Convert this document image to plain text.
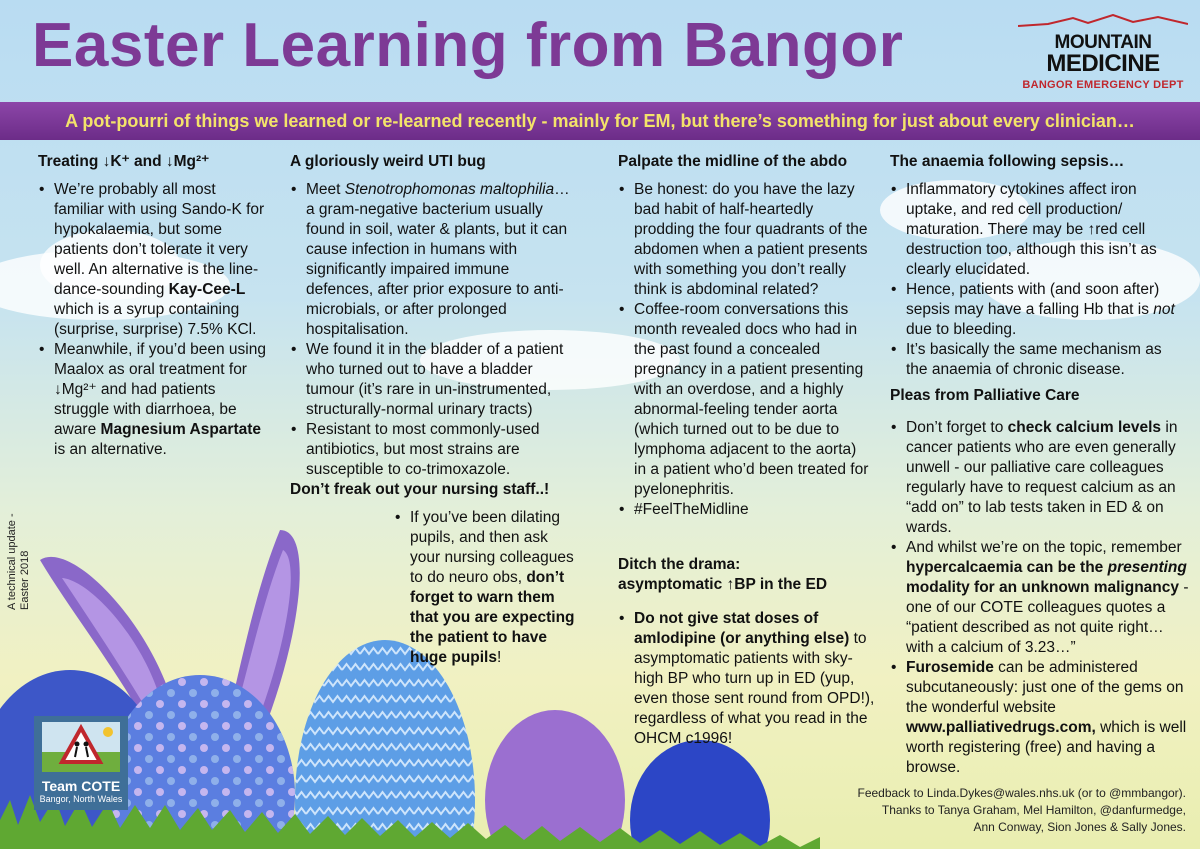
Easter Learning from Bangor	MOUNTAIN
MEDICINE
BANGOR EMERGENCY DEPT
A pot-pourri of things we learned or re-learned recently - mainly for EM, but there’s something for just about every clinician…
Treating ↓K⁺ and ↓Mg²⁺
• We’re probably all most familiar with using Sando-K for hypokalaemia, but some patients don’t tolerate it very well. An alternative is the line-dance-sounding Kay-Cee-L which is a syrup containing (surprise, surprise) 7.5% KCl.
• Meanwhile, if you’d been using Maalox as oral treatment for ↓Mg²⁺ and had patients struggle with diarrhoea, be aware Magnesium Aspartate is an alternative.
A gloriously weird UTI bug
• Meet Stenotrophomonas maltophilia… a gram-negative bacterium usually found in soil, water & plants, but it can cause infection in humans with significantly impaired immune defences, after prior exposure to anti-microbials, or after prolonged hospitalisation.
• We found it in the bladder of a patient who turned out to have a bladder tumour (it’s rare in un-instrumented, structurally-normal urinary tracts)
• Resistant to most commonly-used antibiotics, but most strains are susceptible to co-trimoxazole.
Don’t freak out your nursing staff..!
• If you’ve been dilating pupils, and then ask your nursing colleagues to do neuro obs, don’t forget to warn them that you are expecting the patient to have huge pupils!
Palpate the midline of the abdo
• Be honest: do you have the lazy bad habit of half-heartedly prodding the four quadrants of the abdomen when a patient presents with something you don’t really think is abdominal related?
• Coffee-room conversations this month revealed docs who had in the past found a concealed pregnancy in a patient presenting with an overdose, and a highly abnormal-feeling tender aorta (which turned out to be due to lymphoma adjacent to the aorta) in a patient who’d been treated for pyelonephritis.
• #FeelTheMidline
Ditch the drama:
asymptomatic ↑BP in the ED
• Do not give stat doses of amlodipine (or anything else) to asymptomatic patients with sky-high BP who turn up in ED (yup, even those sent round from OPD!), regardless of what you read in the OHCM c1996!
The anaemia following sepsis…
• Inflammatory cytokines affect iron uptake, and red cell production/ maturation. There may be ↑red cell destruction too, although this isn’t as clearly elucidated.
• Hence, patients with (and soon after) sepsis may have a falling Hb that is not due to bleeding.
• It’s basically the same mechanism as the anaemia of chronic disease.
Pleas from Palliative Care
• Don’t forget to check calcium levels in cancer patients who are even generally unwell - our palliative care colleagues regularly have to request calcium as an “add on” to lab tests taken in ED & on wards.
• And whilst we’re on the topic, remember hypercalcaemia can be the presenting modality for an unknown malignancy - one of our COTE colleagues quotes a “patient described as not quite right…with a calcium of 3.23…”
• Furosemide can be administered subcutaneously: just one of the gems on the wonderful website www.palliativedrugs.com, which is well worth registering (free) and having a browse.
A technical update - Easter 2018
Team COTE
Bangor, North Wales	Feedback to Linda.Dykes@wales.nhs.uk (or to @mmbangor).
Thanks to Tanya Graham, Mel Hamilton, @danfurmedge,
Ann Conway, Sion Jones & Sally Jones.
